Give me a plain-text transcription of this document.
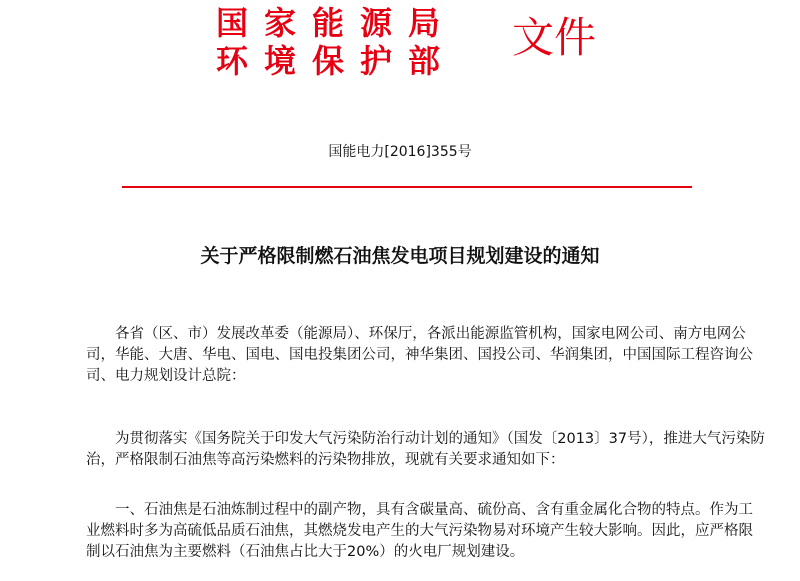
国家能源局
环境保护部	文件
国能电力[2016]355号
关于严格限制燃石油焦发电项目规划建设的通知

　　各省（区、市）发展改革委（能源局）、环保厅，各派出能源监管机构，国家电网公司、南方电网公司，华能、大唐、华电、国电、国电投集团公司，神华集团、国投公司、华润集团，中国国际工程咨询公司、电力规划设计总院：

　　为贯彻落实《国务院关于印发大气污染防治行动计划的通知》（国发〔2013〕37号），推进大气污染防治，严格限制石油焦等高污染燃料的污染物排放，现就有关要求通知如下：

　　一、石油焦是石油炼制过程中的副产物，具有含碳量高、硫份高、含有重金属化合物的特点。作为工业燃料时多为高硫低品质石油焦，其燃烧发电产生的大气污染物易对环境产生较大影响。因此，应严格限制以石油焦为主要燃料（石油焦占比大于20%）的火电厂规划建设。
